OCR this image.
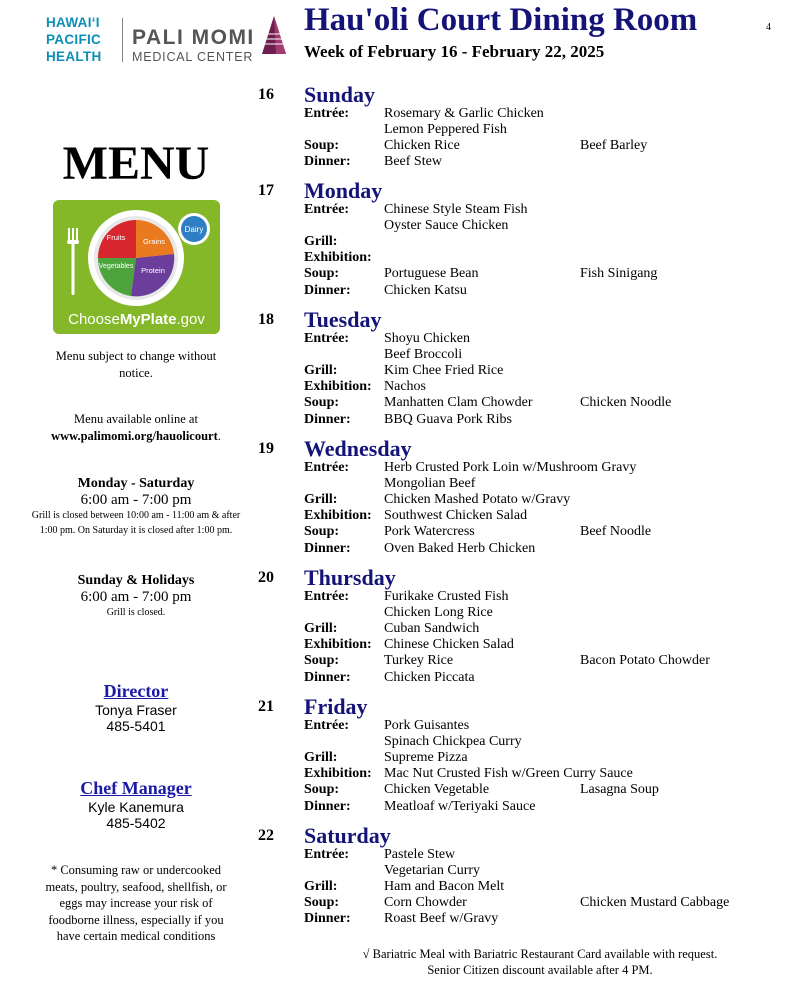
HAWAIʻI
PACIFIC
HEALTH
PALI MOMI
MEDICAL CENTER
Hau'oli Court Dining Room
Week of February 16 - February 22, 2025
4
MENU
Dairy
Fruits Grains
Vegetables Protein
ChooseMyPlate.gov
Menu subject to change without notice.
Menu available online at
www.palimomi.org/hauolicourt.
Monday - Saturday
6:00 am - 7:00 pm
Grill is closed between 10:00 am - 11:00 am & after 1:00 pm. On Saturday it is closed after 1:00 pm.
Sunday & Holidays
6:00 am - 7:00 pm
Grill is closed.
Director
Tonya Fraser
485-5401
Chef Manager
Kyle Kanemura
485-5402
* Consuming raw or undercooked meats, poultry, seafood, shellfish, or eggs may increase your risk of foodborne illness, especially if you have certain medical conditions
16 Sunday
Entrée: Rosemary & Garlic Chicken
Lemon Peppered Fish
Soup:	Chicken Rice	Beef Barley
Dinner: Beef Stew
17 Monday
Entrée: Chinese Style Steam Fish
Oyster Sauce Chicken
Grill:
Exhibition:
Soup:	Portuguese Bean	Fish Sinigang
Dinner: Chicken Katsu
18 Tuesday
Entrée: Shoyu Chicken
Beef Broccoli
Grill:	Kim Chee Fried Rice
Exhibition: Nachos
Soup:	Manhatten Clam Chowder	Chicken Noodle
Dinner: BBQ Guava Pork Ribs
19 Wednesday
Entrée: Herb Crusted Pork Loin w/Mushroom Gravy
Mongolian Beef
Grill:	Chicken Mashed Potato w/Gravy
Exhibition: Southwest Chicken Salad
Soup:	Pork Watercress	Beef Noodle
Dinner: Oven Baked Herb Chicken
20 Thursday
Entrée: Furikake Crusted Fish
Chicken Long Rice
Grill:	Cuban Sandwich
Exhibition: Chinese Chicken Salad
Soup:	Turkey Rice	Bacon Potato Chowder
Dinner: Chicken Piccata
21 Friday
Entrée: Pork Guisantes
Spinach Chickpea Curry
Grill:	Supreme Pizza
Exhibition: Mac Nut Crusted Fish w/Green Curry Sauce
Soup:	Chicken Vegetable	Lasagna Soup
Dinner: Meatloaf w/Teriyaki Sauce
22 Saturday
Entrée: Pastele Stew
Vegetarian Curry
Grill:	Ham and Bacon Melt
Soup:	Corn Chowder	Chicken Mustard Cabbage
Dinner: Roast Beef w/Gravy
√ Bariatric Meal with Bariatric Restaurant Card available with request.
Senior Citizen discount available after 4 PM.
